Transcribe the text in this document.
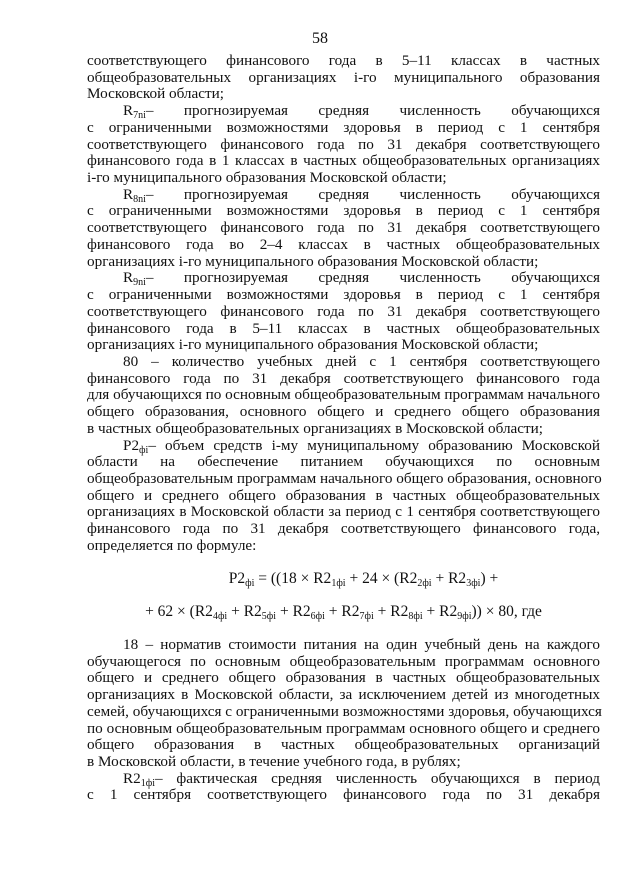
58
соответствующего финансового года в 5–11 классах в частных
общеобразовательных организациях i-го муниципального образования
Московской области;
$R_{7ni}-$ прогнозируемая средняя численность обучающихся
с ограниченными возможностями здоровья в период с 1 сентября
соответствующего финансового года по 31 декабря соответствующего
финансового года в 1 классах в частных общеобразовательных организациях
i-го муниципального образования Московской области;
$R_{8ni}-$ прогнозируемая средняя численность обучающихся
с ограниченными возможностями здоровья в период с 1 сентября
соответствующего финансового года по 31 декабря соответствующего
финансового года во 2–4 классах в частных общеобразовательных
организациях i-го муниципального образования Московской области;
$R_{9ni}-$ прогнозируемая средняя численность обучающихся
с ограниченными возможностями здоровья в период с 1 сентября
соответствующего финансового года по 31 декабря соответствующего
финансового года в 5–11 классах в частных общеобразовательных
организациях i-го муниципального образования Московской области;
80 – количество учебных дней с 1 сентября соответствующего
финансового года по 31 декабря соответствующего финансового года
для обучающихся по основным общеобразовательным программам начального
общего образования, основного общего и среднего общего образования
в частных общеобразовательных организациях в Московской области;
$P2_{фi}-$ объем средств i-му муниципальному образованию Московской
области на обеспечение питанием обучающихся по основным
общеобразовательным программам начального общего образования, основного
общего и среднего общего образования в частных общеобразовательных
организациях в Московской области за период с 1 сентября соответствующего
финансового года по 31 декабря соответствующего финансового года,
определяется по формуле:
$P2_{фi} = ((18 \times R2_{1фi} + 24 \times (R2_{2фi} + R2_{3фi})$ +
+ $62 \times (R2_{4фi} + R2_{5фi} + R2_{6фi} + R2_{7фi} + R2_{8фi} + R2_{9фi})) \times 80$, где
18 – норматив стоимости питания на один учебный день на каждого
обучающегося по основным общеобразовательным программам основного
общего и среднего общего образования в частных общеобразовательных
организациях в Московской области, за исключением детей из многодетных
семей, обучающихся с ограниченными возможностями здоровья, обучающихся
по основным общеобразовательным программам основного общего и среднего
общего образования в частных общеобразовательных организаций
в Московской области, в течение учебного года, в рублях;
$R2_{1фi}-$ фактическая средняя численность обучающихся в период
с 1 сентября соответствующего финансового года по 31 декабря
